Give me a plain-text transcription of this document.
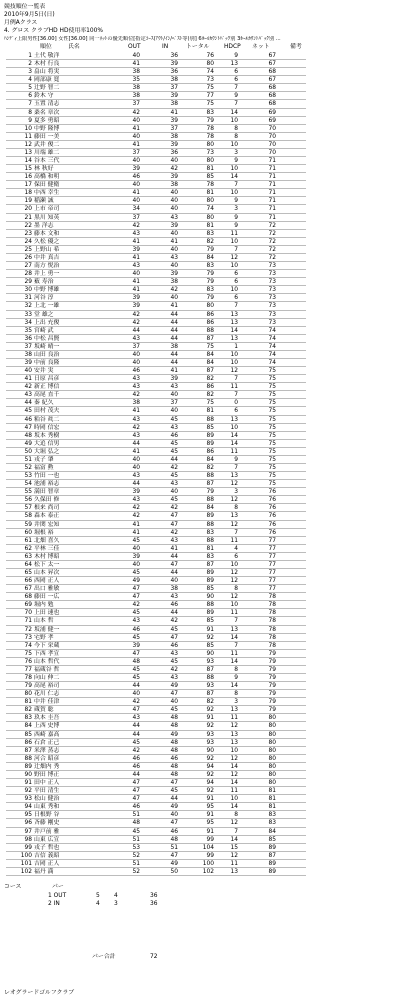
競技順位一覧表
2010年9月5日(日)
月例Aクラス
4. グロス クラブHD HD使用率100%
ﾊﾝﾃﾞｨ上限男性[36.00] 女性[36.00] 同一ﾈｯﾄの優先順位[指定ｺｰｽ(ｱｳﾄ/ｲﾝ/ﾍﾞｽﾄ等)別] 6ﾎｰﾙｶｳﾝﾄﾊﾞｯｸ別 3ﾎｰﾙｶｳﾝﾄﾊﾞｯｸ別 ...
順位	氏名	OUT	IN	トータル HDCP ネット	備考
1 土代 敬洋	40	36	76	9	67
2 木村 行良	41	39	80	13	67
3 畠山 将実	38	36	74	6	68
4 岡部康 寛	35	38	73	6	67
5 辻野 智二	38	37	75	7	68
6 鈴木 守	38	39	77	9	68
7 玉置 清志	37	38	75	7	68
8 桑名 章次	42	41	83	14	69
9 夏多 勇昭	40	39	79	10	69
10 中野 隆博	41	37	78	8	70
11 藤田 一美	40	38	78	8	70
12 武井 俊二	41	39	80	10	70
13 川端 雄二	37	36	73	3	70
14 谷本 三代	40	40	80	9	71
15 林 秋好	39	42	81	10	71
16 高橋 和明	46	39	85	14	71
17 保田 健衛	40	38	78	7	71
18 中西 幸生	41	40	81	10	71
19 稲瀬 誠	40	40	80	9	71
20 上市 帝司	34	40	74	3	71
21 黒川 知英	37	43	80	9	71
22 墨 洋志	42	39	81	9	72
23 藤本 文和	43	40	83	11	72
24 久松 優之	41	41	82	10	72
25 上野山 希	39	40	79	7	72
26 中井 真吉	41	43	84	12	72
27 南方 悦治	43	40	83	10	73
28 井上 勇一	40	39	79	6	73
29 薮 寿治	41	38	79	6	73
30 中野 博雄	41	42	83	10	73
31 河谷 淳	39	40	79	6	73
32 上北 一雄	39	41	80	7	73
33 堂 雄之	42	44	86	13	73
34 上出 充俊	42	44	86	13	73
35 宮崎 武	44	44	88	14	74
36 中松 昌賢	43	44	87	13	74
37 坂崎 晴一	37	38	75	1	74
38 山田 良治	40	44	84	10	74
39 中前 良隆	40	44	84	10	74
40 安井 実	46	41	87	12	75
41 日原 昌彦	43	39	82	7	75
42 新正 博信	43	43	86	11	75
43 高尾 直千	42	40	82	7	75
44 秦 紀久	38	37	75	0	75
45 田村 茂夫	41	40	81	6	75
46 粕谷 眞二	43	45	88	13	75
47 時岡 信宏	42	43	85	10	75
48 坂本 秀樹	43	46	89	14	75
49 大追 信男	44	45	89	14	75
50 大堀 弘之	41	45	86	11	75
51 戎子 肇	40	44	84	9	75
52 福富 勲	40	42	82	7	75
53 竹田 一也	43	45	88	13	75
54 池浦 裕志	44	43	87	12	75
55 満田 智章	39	40	79	3	76
56 久保田 修	43	45	88	12	76
57 根来 尚司	42	42	84	8	76
58 森本 泰正	42	47	89	13	76
59 井関 宏知	41	47	88	12	76
60 堀根 裕	41	42	83	7	76
61 北畑 喜久	45	43	88	11	77
62 平林 三佳	40	41	81	4	77
63 木村 博昭	39	44	83	6	77
64 松下 太一	40	47	87	10	77
65 山本 昇次	45	44	89	12	77
66 西岡 正人	49	40	89	12	77
67 出口 雅敏	47	38	85	8	77
68 藤田 一広	47	43	90	12	78
69 堀内 勉	42	46	88	10	78
70 上田 速也	45	44	89	11	78
71 山本 哲	43	42	85	7	78
72 坂浦 健一	46	45	91	13	78
73 宅野 孝	45	47	92	14	78
74 今下 栄蔵	39	46	85	7	78
75 下西 孝宣	47	43	90	11	79
76 山本 哲代	48	45	93	14	79
77 福蔵谷 哲	45	42	87	8	79
78 向山 伸二	45	43	88	9	79
79 高尾 裕司	44	49	93	14	79
80 花川 仁志	40	47	87	8	79
81 中井 佳津	42	40	82	3	79
82 蔵賀 聡	47	45	92	13	79
83 玖本 圭吾	43	48	91	11	80
84 上西 史博	44	48	92	12	80
85 西崎 嘉高	44	49	93	13	80
86 石倉 正己	45	48	93	13	80
87 米澤 蒸志	42	48	90	10	80
88 河合 昭彦	46	46	92	12	80
89 辻畑内 秀	46	48	94	14	80
90 野田 博正	44	48	92	12	80
91 田中 正人	47	47	94	14	80
92 平田 清生	47	45	92	11	81
93 松山 健治	47	44	91	10	81
94 山東 秀和	46	49	95	14	81
95 日根野 谷	51	40	91	8	83
96 斉藤 剛史	48	47	95	12	83
97 井戸前 雅	45	46	91	7	84
98 山東 広宣	51	48	99	14	85
99 戎子 哲也	53	51	104	15	89
100 吉信 義昭	52	47	99	12	87
101 吉岡 正人	51	49	100	11	89
102 福丹 満	52	50	102	13	89
コース	パー
1 OUT	5 4	36
2 IN	4 3	36
パー合計	72
レオグラードゴルフクラブ
